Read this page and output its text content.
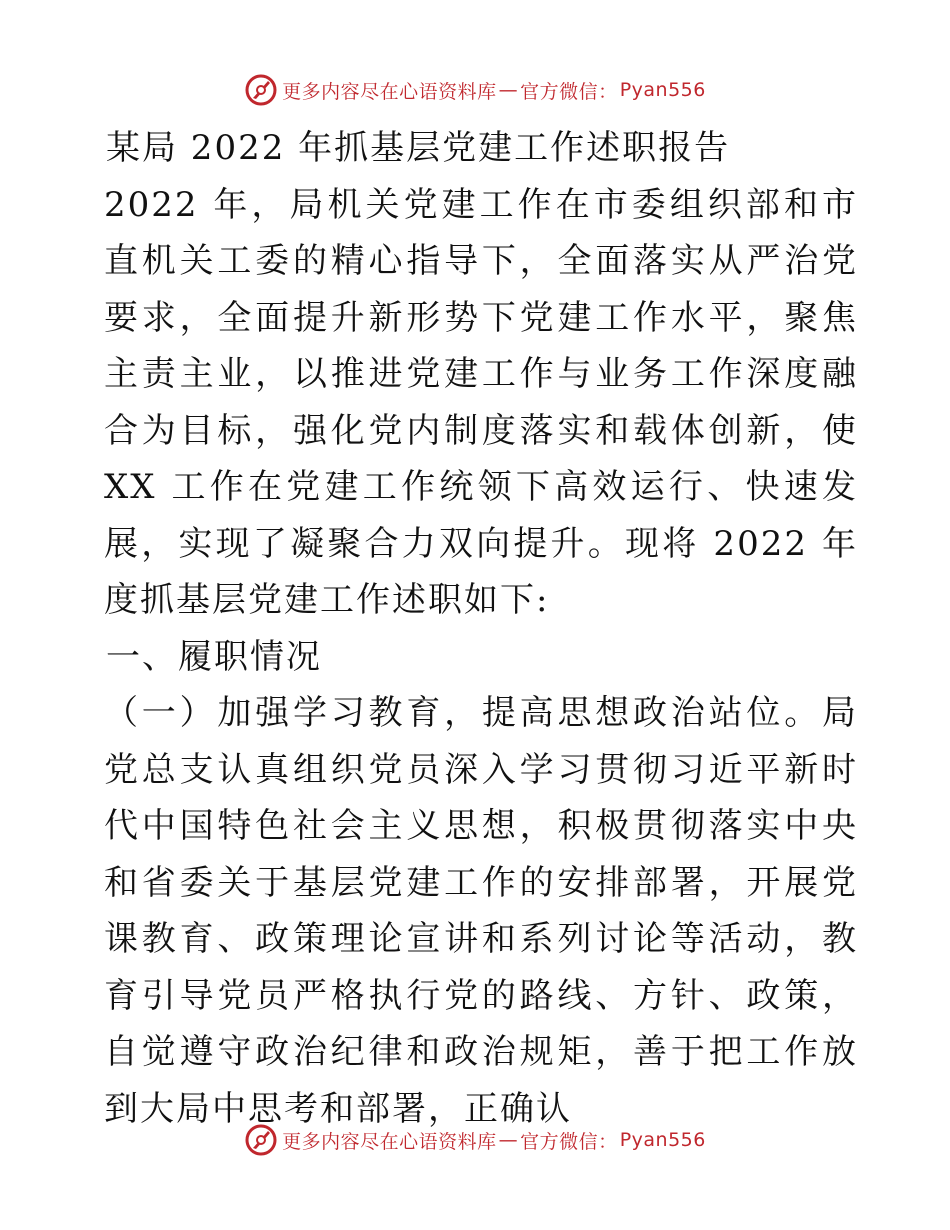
更多内容尽在心语资料库 — 官方微信： Pyan556

某局 2022 年抓基层党建工作述职报告

2022 年，局机关党建工作在市委组织部和市直机关工委的精心指导下，全面落实从严治党要求，全面提升新形势下党建工作水平，聚焦主责主业，以推进党建工作与业务工作深度融合为目标，强化党内制度落实和载体创新，使 XX 工作在党建工作统领下高效运行、快速发展，实现了凝聚合力双向提升。现将 2022 年度抓基层党建工作述职如下:

一、履职情况

（一）加强学习教育，提高思想政治站位。局党总支认真组织党员深入学习贯彻习近平新时代中国特色社会主义思想，积极贯彻落实中央和省委关于基层党建工作的安排部署，开展党课教育、政策理论宣讲和系列讨论等活动，教育引导党员严格执行党的路线、方针、政策，自觉遵守政治纪律和政治规矩，善于把工作放到大局中思考和部署，正确认

更多内容尽在心语资料库 — 官方微信： Pyan556
